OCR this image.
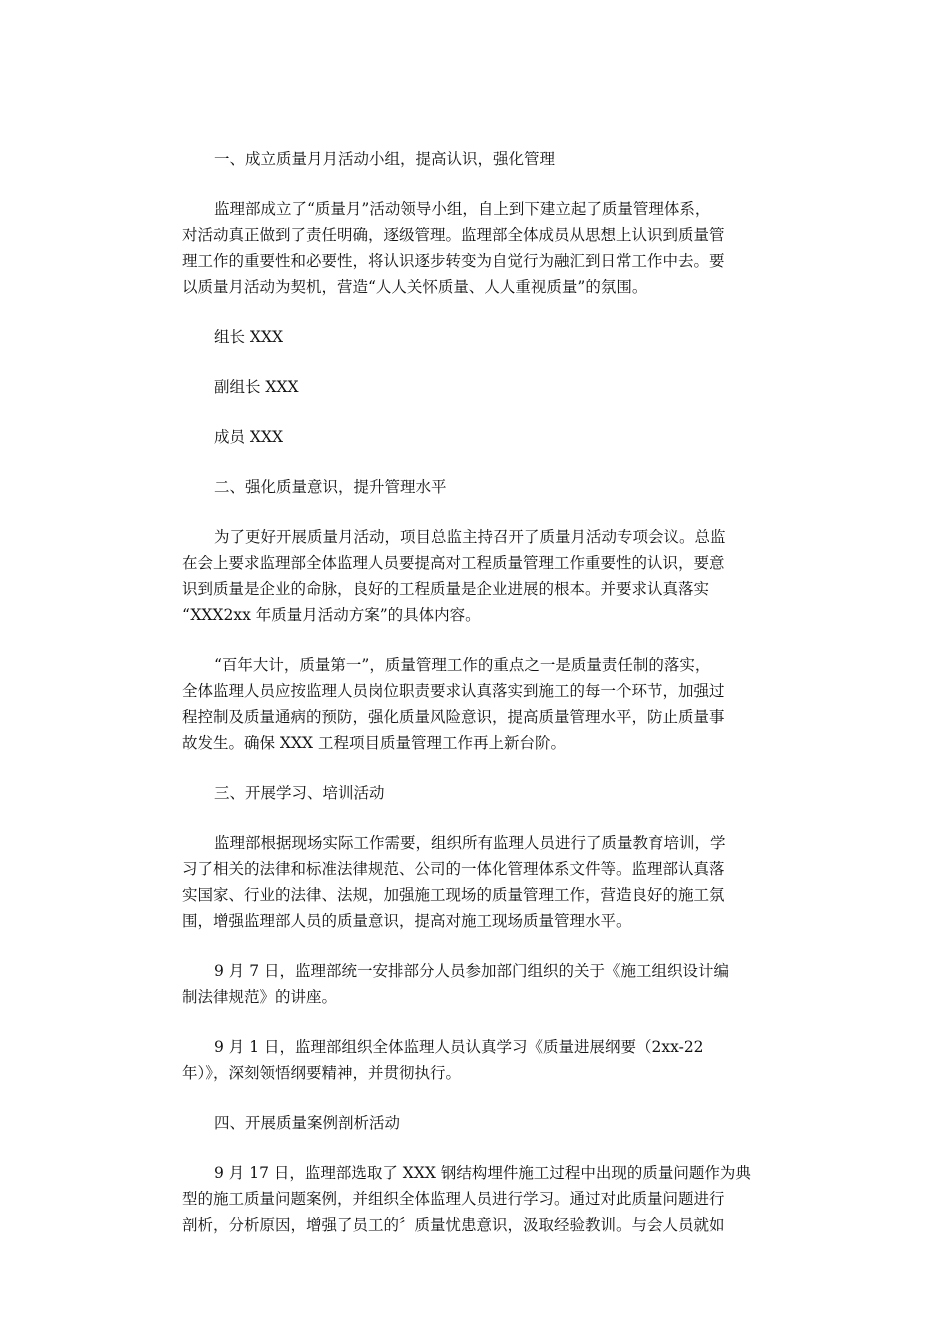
一、成立质量月月活动小组，提高认识，强化管理

监理部成立了“质量月”活动领导小组，自上到下建立起了质量管理体系，

对活动真正做到了责任明确，逐级管理。监理部全体成员从思想上认识到质量管

理工作的重要性和必要性，将认识逐步转变为自觉行为融汇到日常工作中去。要

以质量月活动为契机，营造“人人关怀质量、人人重视质量”的氛围。

组长 XXX

副组长 XXX

成员 XXX

二、强化质量意识，提升管理水平

为了更好开展质量月活动，项目总监主持召开了质量月活动专项会议。总监

在会上要求监理部全体监理人员要提高对工程质量管理工作重要性的认识，要意

识到质量是企业的命脉，良好的工程质量是企业进展的根本。并要求认真落实

“XXX2xx 年质量月活动方案”的具体内容。

“百年大计，质量第一”，质量管理工作的重点之一是质量责任制的落实，

全体监理人员应按监理人员岗位职责要求认真落实到施工的每一个环节，加强过

程控制及质量通病的预防，强化质量风险意识，提高质量管理水平，防止质量事

故发生。确保 XXX 工程项目质量管理工作再上新台阶。

三、开展学习、培训活动

监理部根据现场实际工作需要，组织所有监理人员进行了质量教育培训，学

习了相关的法律和标准法律规范、公司的一体化管理体系文件等。监理部认真落

实国家、行业的法律、法规，加强施工现场的质量管理工作，营造良好的施工氛

围，增强监理部人员的质量意识，提高对施工现场质量管理水平。

9 月 7 日，监理部统一安排部分人员参加部门组织的关于《施工组织设计编

制法律规范》的讲座。

9 月 1 日，监理部组织全体监理人员认真学习《质量进展纲要（2xx-22

年）》，深刻领悟纲要精神，并贯彻执行。

四、开展质量案例剖析活动

9 月 17 日，监理部选取了 XXX 钢结构埋件施工过程中出现的质量问题作为典

型的施工质量问题案例，并组织全体监理人员进行学习。通过对此质量问题进行

剖析，分析原因，增强了员工的〞质量忧患意识，汲取经验教训。与会人员就如
